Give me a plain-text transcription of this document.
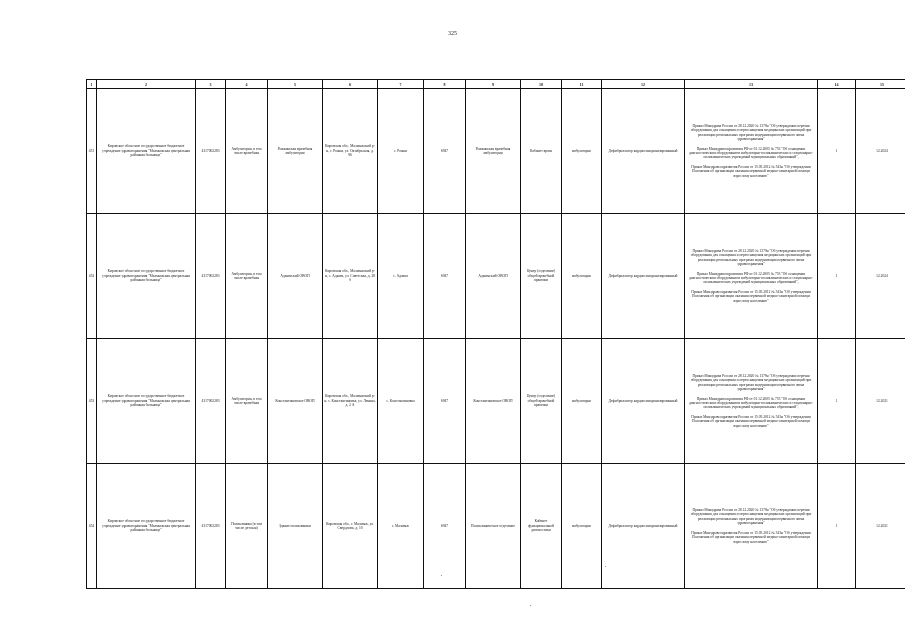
325
1	2	3	4	5	6	7	8	9	10	11	12	13	14	15
451	Кировское областное государственное бюджетное учреждение здравоохранения "Малмыжская центральная районная больница"	4317002283	Амбулатория, в том числе врачебная	Рожкинская врачебная амбулатория	Кировская обл., Малмыжский р-н, с. Рожки, ул. Октябрьская, д. 96	с. Рожки	6947	Рожкинская врачебная амбулатория	Кабинет врача	амбулаторно	Дефибриллятор кардиосинхронизированный	Приказ Минздрава России от 28.12.2020 № 1379н "Об утверждении перечня оборудования для оснащения и переоснащения медицинских организаций при реализации региональных программ модернизации первичного звена здравоохранения"
Приказ Минздравсоцразвития РФ от 01.12.2005 № 753 "Об оснащении диагностическим оборудованием амбулаторно-поликлинических и стационарно-поликлинических учреждений муниципальных образований",
Приказ Минздравсоцразвития России от 15.05.2012 № 543н "Об утверждении Положения об организации оказания первичной медико-санитарной помощи взрослому населению"	1	12.2024
452	Кировское областное государственное бюджетное учреждение здравоохранения "Малмыжская центральная районная больница"	4317002283	Амбулатория, в том числе врачебная	Аджимский ОВОП	Кировская обл., Малмыжский р-н, с. Аджим, ул. Советская, д. 28 б	с. Аджим	6947	Аджимский ОВОП	Центр (отделение) общей врачебной практики	амбулаторно	Дефибриллятор кардиосинхронизированный	Приказ Минздрава России от 28.12.2020 № 1379н "Об утверждении перечня оборудования для оснащения и переоснащения медицинских организаций при реализации региональных программ модернизации первичного звена здравоохранения"
Приказ Минздравсоцразвития РФ от 01.12.2005 № 753 "Об оснащении диагностическим оборудованием амбулаторно-поликлинических и стационарно-поликлинических учреждений муниципальных образований",
Приказ Минздравсоцразвития России от 15.05.2012 № 543н "Об утверждении Положения об организации оказания первичной медико-санитарной помощи взрослому населению"	1	12.2024
453	Кировское областное государственное бюджетное учреждение здравоохранения "Малмыжская центральная районная больница"	4317002283	Амбулатория, в том числе врачебная	Константиновское ОВОП	Кировская обл., Малмыжский р-н, с. Константиновка, ул. Ленина, д. 2 А	с. Константиновка	6947	Константиновское ОВОП	Центр (отделение) общей врачебной практики	амбулаторно	Дефибриллятор кардиосинхронизированный	Приказ Минздрава России от 28.12.2020 № 1379н "Об утверждении перечня оборудования для оснащения и переоснащения медицинских организаций при реализации региональных программ модернизации первичного звена здравоохранения"
Приказ Минздравсоцразвития РФ от 01.12.2005 № 753 "Об оснащении диагностическим оборудованием амбулаторно-поликлинических и стационарно-поликлинических учреждений муниципальных образований",
Приказ Минздравсоцразвития России от 15.05.2012 № 543н "Об утверждении Положения об организации оказания первичной медико-санитарной помощи взрослому населению"	1	12.2021
454	Кировское областное государственное бюджетное учреждение здравоохранения "Малмыжская центральная районная больница"	4317002283	Поликлиника (в том числе детская)	Здание поликлиники	Кировская обл., г. Малмыж, ул. Свердлова, д. 10	г. Малмыж	6947	Поликлиническое отделение	Кабинет функциональной диагностики	амбулаторно	Дефибриллятор кардиосинхронизированный	Приказ Минздрава России от 28.12.2020 № 1379н "Об утверждении перечня оборудования для оснащения и переоснащения медицинских организаций при реализации региональных программ модернизации первичного звена здравоохранения"
Приказ Минздравсоцразвития России от 15.05.2012 № 543н "Об утверждении Положения об организации оказания первичной медико-санитарной помощи взрослому населению"	1	12.2021
